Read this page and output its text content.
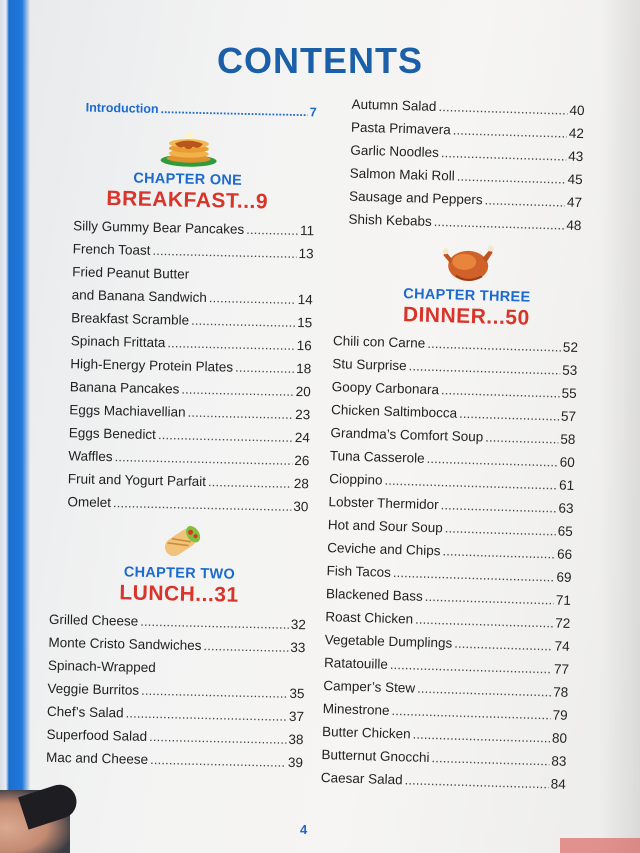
CONTENTS
Introduction .....	7
CHAPTER ONE
BREAKFAST...9
Silly Gummy Bear Pancakes .....	11
French Toast .....	13
Fried Peanut Butter
and Banana Sandwich .....	14
Breakfast Scramble .....	15
Spinach Frittata .....	16
High-Energy Protein Plates .....	18
Banana Pancakes .....	20
Eggs Machiavellian .....	23
Eggs Benedict .....	24
Waffles .....	26
Fruit and Yogurt Parfait .....	28
Omelet .....	30
CHAPTER TWO
LUNCH...31
Grilled Cheese .....	32
Monte Cristo Sandwiches .....	33
Spinach-Wrapped
Veggie Burritos .....	35
Chef’s Salad .....	37
Superfood Salad .....	38
Mac and Cheese .....	39
Autumn Salad .....	40
Pasta Primavera .....	42
Garlic Noodles .....	43
Salmon Maki Roll .....	45
Sausage and Peppers .....	47
Shish Kebabs .....	48
CHAPTER THREE
DINNER...50
Chili con Carne .....	52
Stu Surprise .....	53
Goopy Carbonara .....	55
Chicken Saltimbocca .....	57
Grandma’s Comfort Soup .....	58
Tuna Casserole .....	60
Cioppino .....	61
Lobster Thermidor .....	63
Hot and Sour Soup .....	65
Ceviche and Chips .....	66
Fish Tacos .....	69
Blackened Bass .....	71
Roast Chicken .....	72
Vegetable Dumplings .....	74
Ratatouille .....	77
Camper’s Stew .....	78
Minestrone .....	79
Butter Chicken .....	80
Butternut Gnocchi .....	83
Caesar Salad .....	84
4
